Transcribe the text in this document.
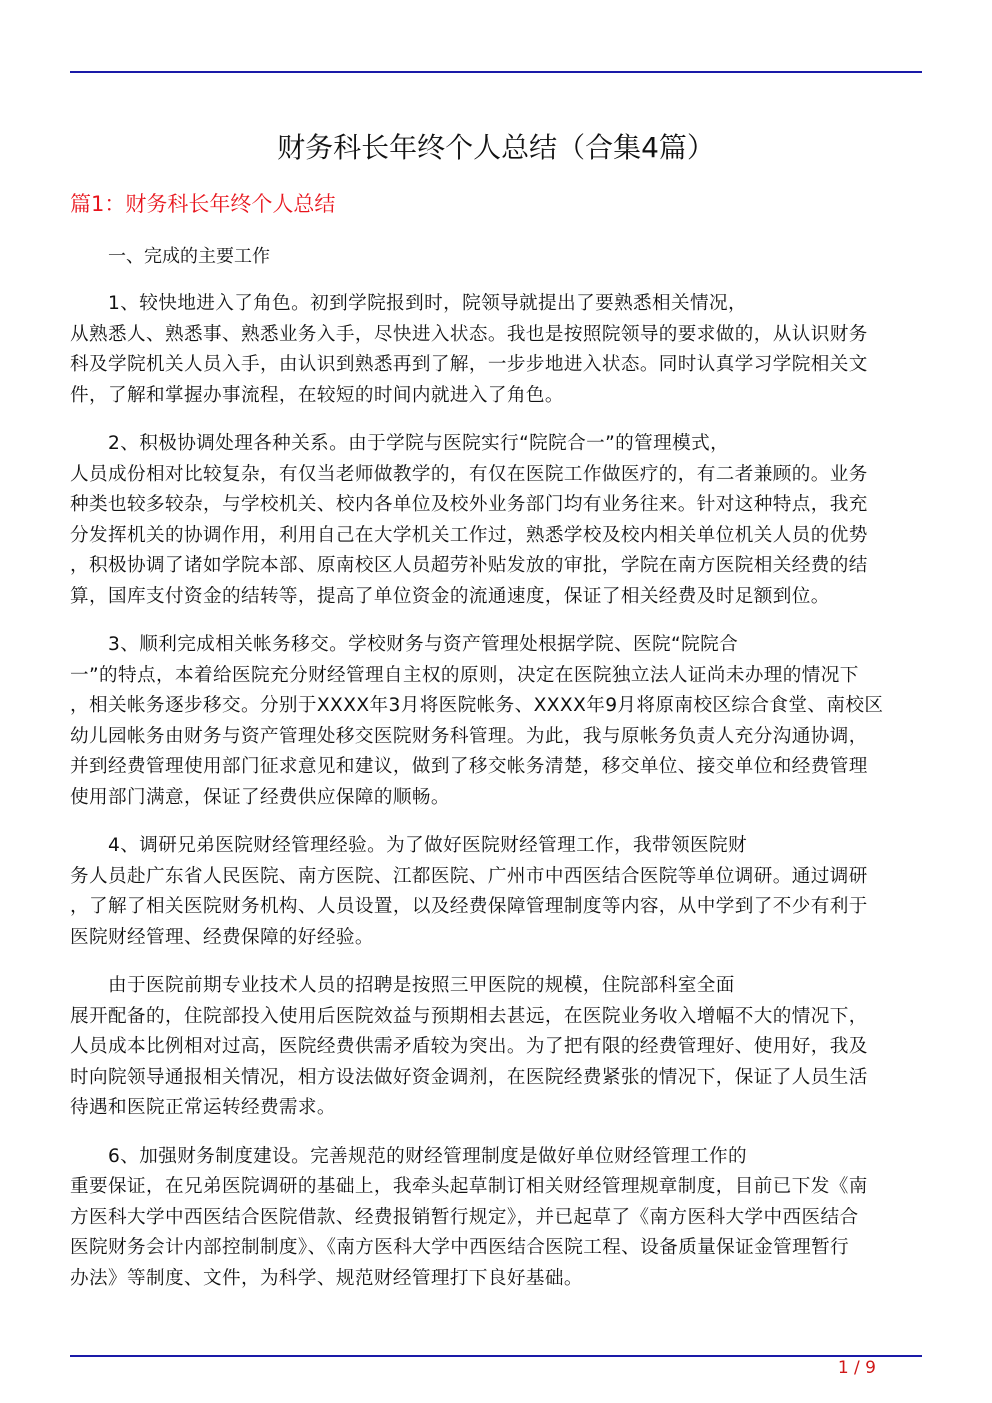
财务科长年终个人总结（合集4篇）
篇1：财务科长年终个人总结
一、完成的主要工作
1、较快地进入了角色。初到学院报到时，院领导就提出了要熟悉相关情况，
从熟悉人、熟悉事、熟悉业务入手，尽快进入状态。我也是按照院领导的要求做的，从认识财务
科及学院机关人员入手，由认识到熟悉再到了解，一步步地进入状态。同时认真学习学院相关文
件，了解和掌握办事流程，在较短的时间内就进入了角色。
2、积极协调处理各种关系。由于学院与医院实行“院院合一”的管理模式，
人员成份相对比较复杂，有仅当老师做教学的，有仅在医院工作做医疗的，有二者兼顾的。业务
种类也较多较杂，与学校机关、校内各单位及校外业务部门均有业务往来。针对这种特点，我充
分发挥机关的协调作用，利用自己在大学机关工作过，熟悉学校及校内相关单位机关人员的优势
，积极协调了诸如学院本部、原南校区人员超劳补贴发放的审批，学院在南方医院相关经费的结
算，国库支付资金的结转等，提高了单位资金的流通速度，保证了相关经费及时足额到位。
3、顺利完成相关帐务移交。学校财务与资产管理处根据学院、医院“院院合
一”的特点，本着给医院充分财经管理自主权的原则，决定在医院独立法人证尚未办理的情况下
，相关帐务逐步移交。分别于XXXX年3月将医院帐务、XXXX年9月将原南校区综合食堂、南校区
幼儿园帐务由财务与资产管理处移交医院财务科管理。为此，我与原帐务负责人充分沟通协调，
并到经费管理使用部门征求意见和建议，做到了移交帐务清楚，移交单位、接交单位和经费管理
使用部门满意，保证了经费供应保障的顺畅。
4、调研兄弟医院财经管理经验。为了做好医院财经管理工作，我带领医院财
务人员赴广东省人民医院、南方医院、江都医院、广州市中西医结合医院等单位调研。通过调研
，了解了相关医院财务机构、人员设置，以及经费保障管理制度等内容，从中学到了不少有利于
医院财经管理、经费保障的好经验。
由于医院前期专业技术人员的招聘是按照三甲医院的规模，住院部科室全面
展开配备的，住院部投入使用后医院效益与预期相去甚远，在医院业务收入增幅不大的情况下，
人员成本比例相对过高，医院经费供需矛盾较为突出。为了把有限的经费管理好、使用好，我及
时向院领导通报相关情况，相方设法做好资金调剂，在医院经费紧张的情况下，保证了人员生活
待遇和医院正常运转经费需求。
6、加强财务制度建设。完善规范的财经管理制度是做好单位财经管理工作的
重要保证，在兄弟医院调研的基础上，我牵头起草制订相关财经管理规章制度，目前已下发《南
方医科大学中西医结合医院借款、经费报销暂行规定》，并已起草了《南方医科大学中西医结合
医院财务会计内部控制制度》、《南方医科大学中西医结合医院工程、设备质量保证金管理暂行
办法》等制度、文件，为科学、规范财经管理打下良好基础。
1 / 9
